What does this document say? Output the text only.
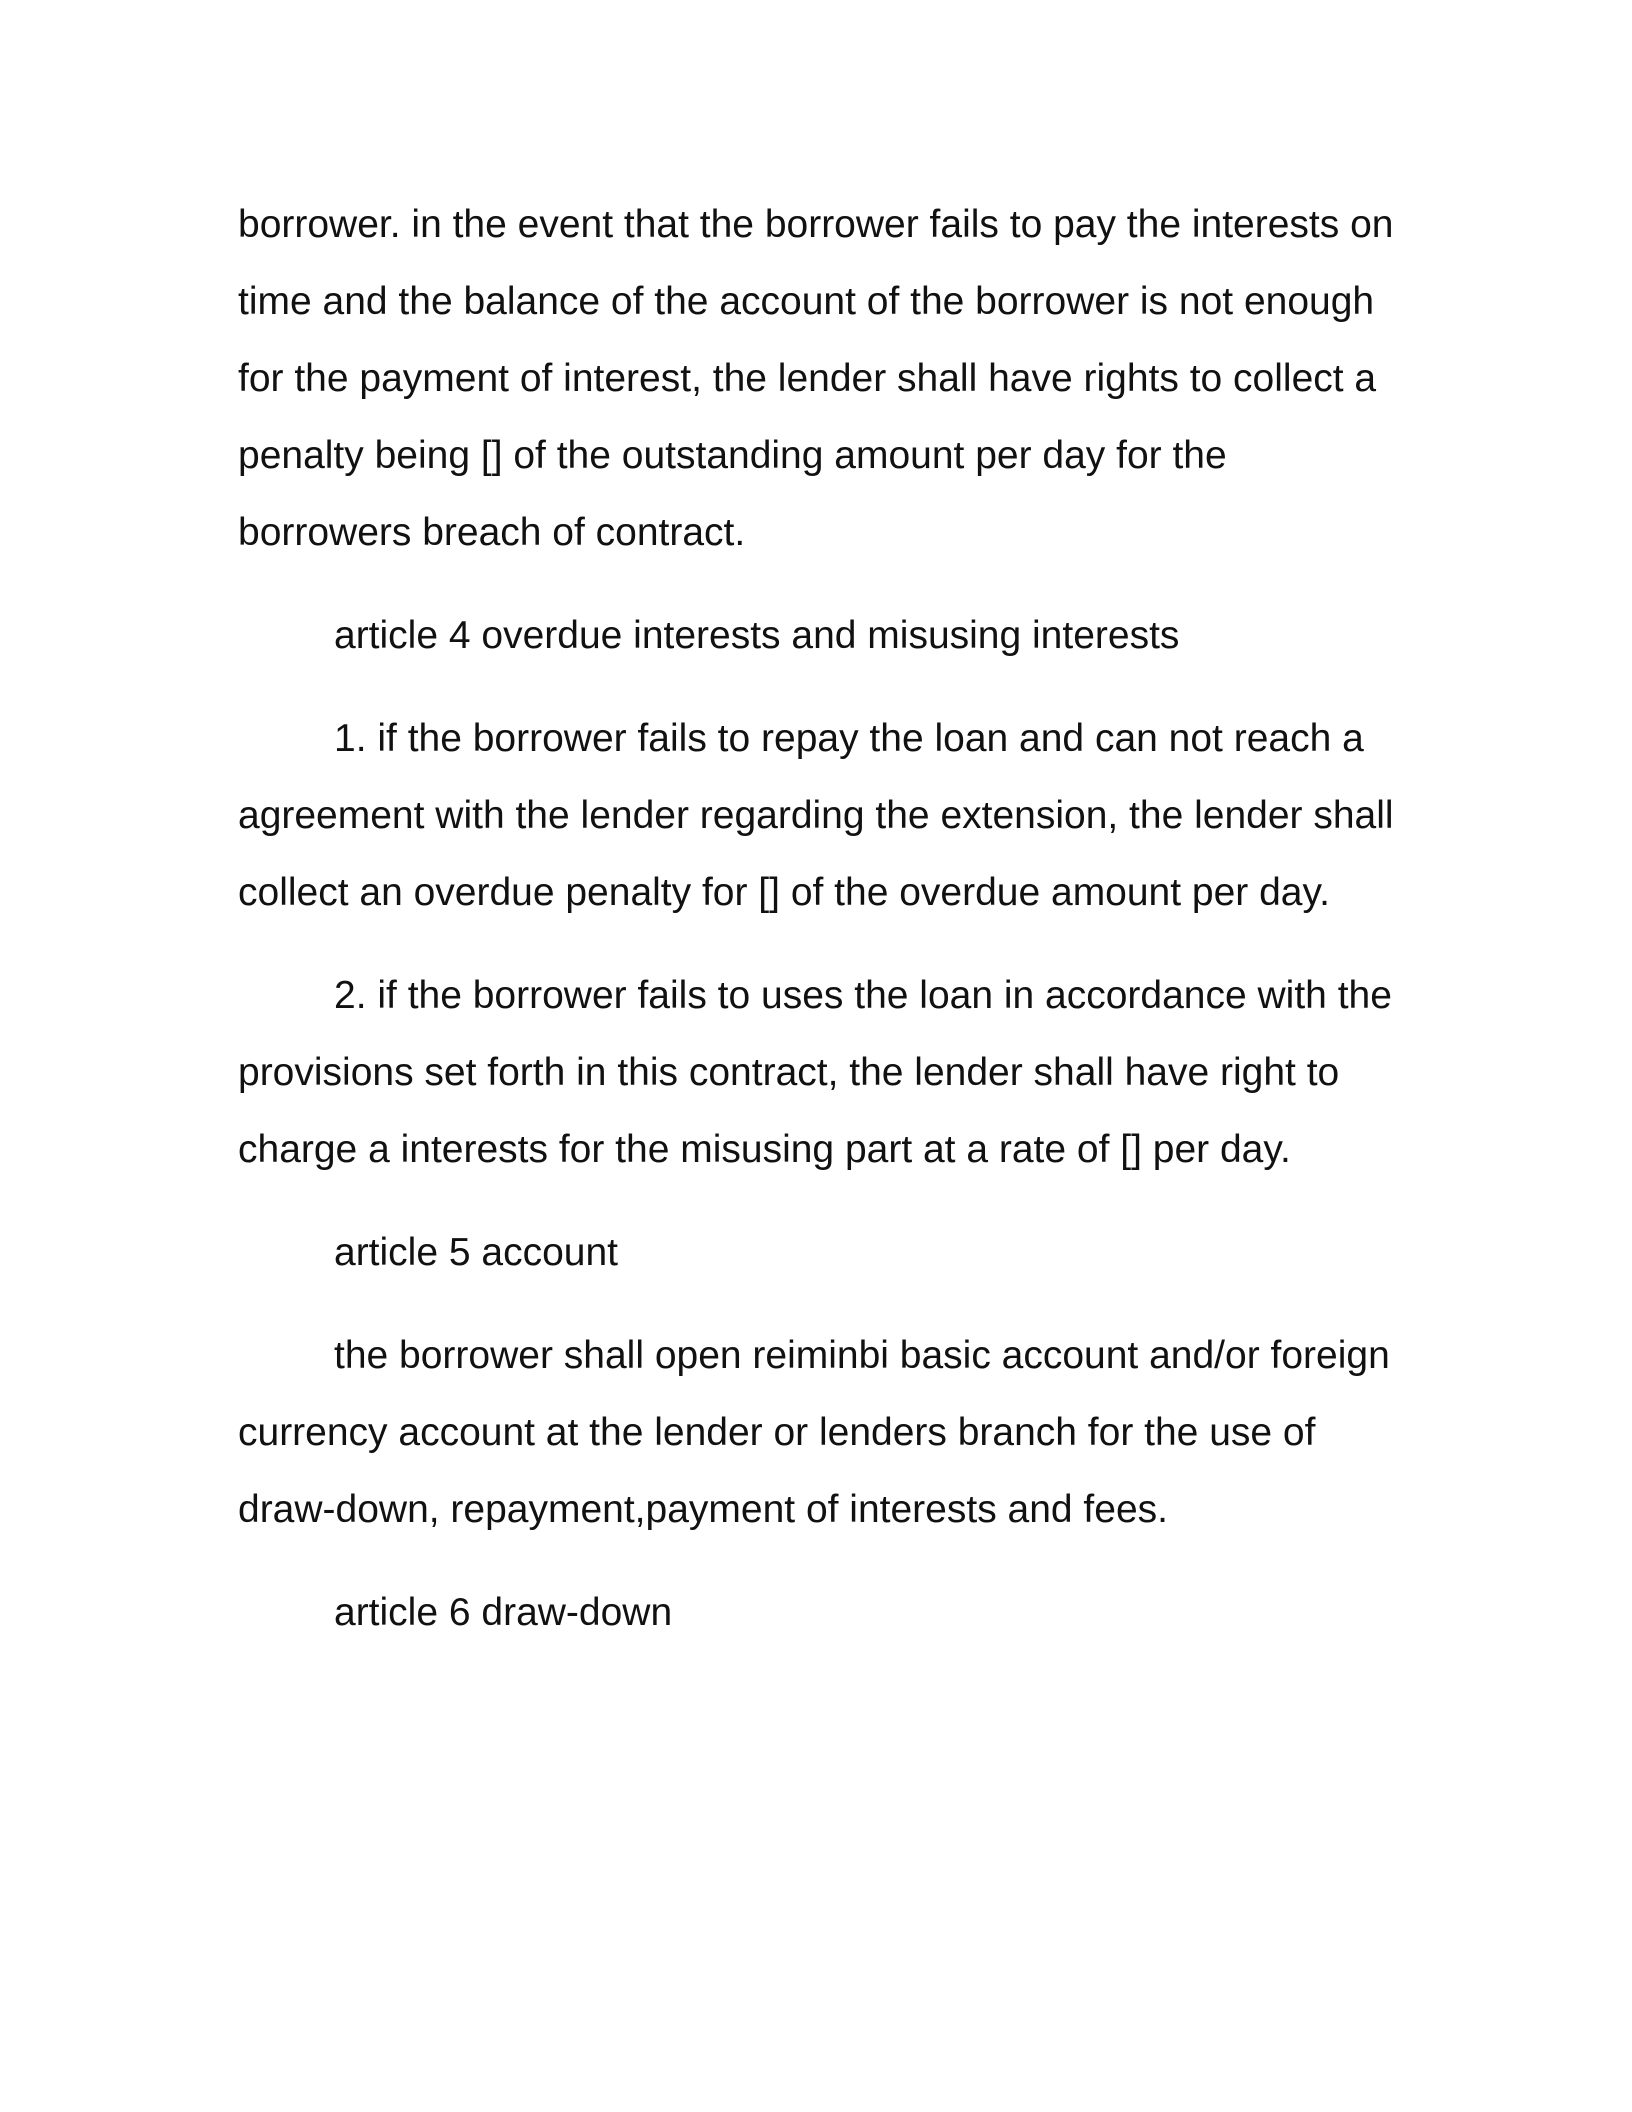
borrower. in the event that the borrower fails to pay the interests on time and the balance of the account of the borrower is not enough for the payment of interest, the lender shall have rights to collect a penalty being [] of the outstanding amount per day for the borrowers breach of contract.

article 4 overdue interests and misusing interests

1. if the borrower fails to repay the loan and can not reach a agreement with the lender regarding the extension, the lender shall collect an overdue penalty for [] of the overdue amount per day.

2. if the borrower fails to uses the loan in accordance with the provisions set forth in this contract, the lender shall have right to charge a interests for the misusing part at a rate of [] per day.

article 5 account

the borrower shall open reiminbi basic account and/or foreign currency account at the lender or lenders branch for the use of draw-down, repayment,payment of interests and fees.

article 6 draw-down
